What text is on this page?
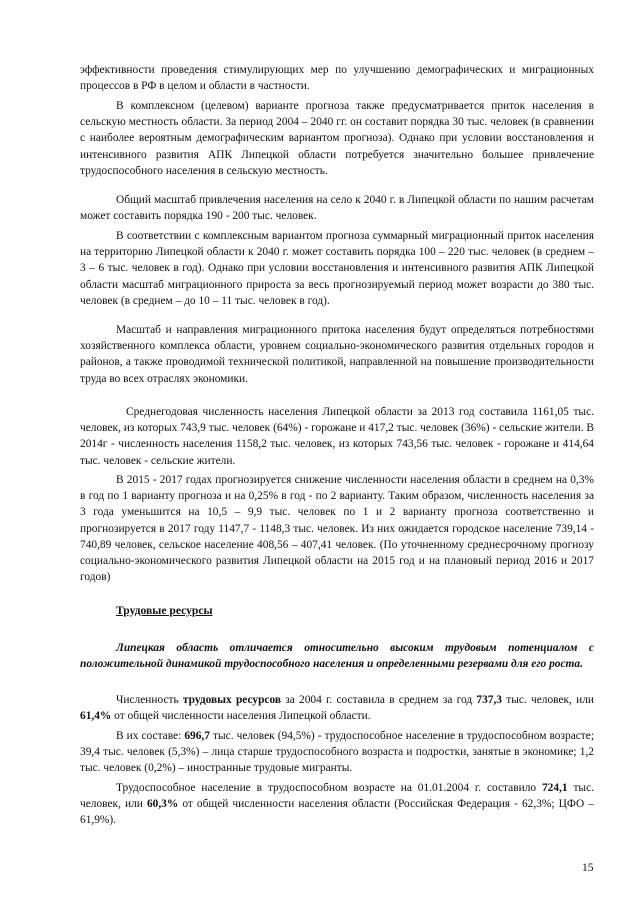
эффективности проведения стимулирующих мер по улучшению демографических и миграционных процессов в РФ в целом и области в частности.

В комплексном (целевом) варианте прогноза также предусматривается приток населения в сельскую местность области. За период 2004 – 2040 гг. он составит порядка 30 тыс. человек (в сравнении с наиболее вероятным демографическим вариантом прогноза). Однако при условии восстановления и интенсивного развития АПК Липецкой области потребуется значительно большее привлечение трудоспособного населения в сельскую местность.

Общий масштаб привлечения населения на село к 2040 г. в Липецкой области по нашим расчетам может составить порядка 190 - 200 тыс. человек.

В соответствии с комплексным вариантом прогноза суммарный миграционный приток населения на территорию Липецкой области к 2040 г. может составить порядка 100 – 220 тыс. человек (в среднем – 3 – 6 тыс. человек в год). Однако при условии восстановления и интенсивного развития АПК Липецкой области масштаб миграционного прироста за весь прогнозируемый период может возрасти до 380 тыс. человек (в среднем – до 10 – 11 тыс. человек в год).

Масштаб и направления миграционного притока населения будут определяться потребностями хозяйственного комплекса области, уровнем социально-экономического развития отдельных городов и районов, а также проводимой технической политикой, направленной на повышение производительности труда во всех отраслях экономики.

Среднегодовая численность населения Липецкой области за 2013 год составила 1161,05 тыс. человек, из которых 743,9 тыс. человек (64%) - горожане и 417,2 тыс. человек (36%) - сельские жители. В 2014г - численность населения 1158,2 тыс. человек, из которых 743,56 тыс. человек - горожане и 414,64 тыс. человек - сельские жители.

В 2015 - 2017 годах прогнозируется снижение численности населения области в среднем на 0,3% в год по 1 варианту прогноза и на 0,25% в год - по 2 варианту. Таким образом, численность населения за 3 года уменьшится на 10,5 – 9,9 тыс. человек по 1 и 2 варианту прогноза соответственно и прогнозируется в 2017 году 1147,7 - 1148,3 тыс. человек. Из них ожидается городское население 739,14 - 740,89 человек, сельское население 408,56 – 407,41 человек. (По уточненному среднесрочному прогнозу социально-экономического развития Липецкой области на 2015 год и на плановый период 2016 и 2017 годов)

Трудовые ресурсы

Липецкая область отличается относительно высоким трудовым потенциалом с положительной динамикой трудоспособного населения и определенными резервами для его роста.

Численность трудовых ресурсов за 2004 г. составила в среднем за год 737,3 тыс. человек, или 61,4% от общей численности населения Липецкой области.

В их составе: 696,7 тыс. человек (94,5%) - трудоспособное население в трудоспособном возрасте; 39,4 тыс. человек (5,3%) – лица старше трудоспособного возраста и подростки, занятые в экономике; 1,2 тыс. человек (0,2%) – иностранные трудовые мигранты.

Трудоспособное население в трудоспособном возрасте на 01.01.2004 г. составило 724,1 тыс. человек, или 60,3% от общей численности населения области (Российская Федерация - 62,3%; ЦФО – 61,9%).

15
